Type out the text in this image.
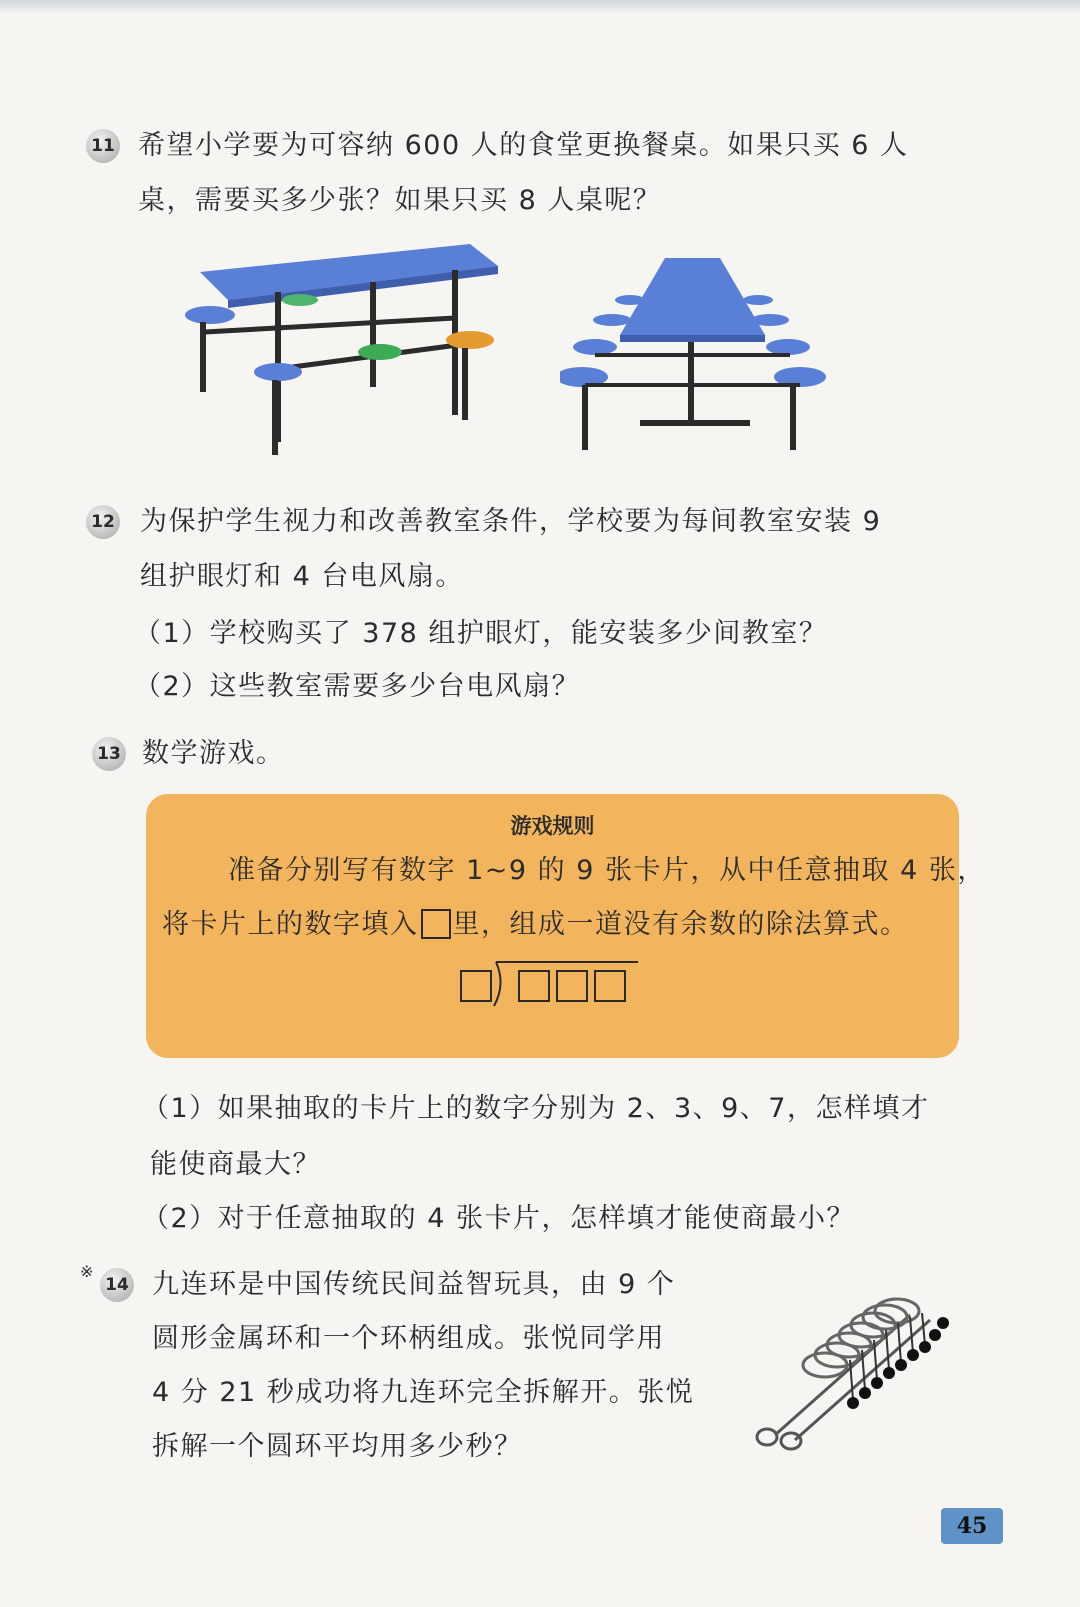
11 希望小学要为可容纳 600 人的食堂更换餐桌。如果只买 6 人
桌，需要买多少张？如果只买 8 人桌呢？
12 为保护学生视力和改善教室条件，学校要为每间教室安装 9
组护眼灯和 4 台电风扇。
（1）学校购买了 378 组护眼灯，能安装多少间教室？
（2）这些教室需要多少台电风扇？
13 数学游戏。
游戏规则
准备分别写有数字 1~9 的 9 张卡片，从中任意抽取 4 张，
将卡片上的数字填入 里，组成一道没有余数的除法算式。
（1）如果抽取的卡片上的数字分别为 2、3、9、7，怎样填才
能使商最大？
（2）对于任意抽取的 4 张卡片，怎样填才能使商最小？
※
14 九连环是中国传统民间益智玩具，由 9 个
圆形金属环和一个环柄组成。张悦同学用
4 分 21 秒成功将九连环完全拆解开。张悦
拆解一个圆环平均用多少秒？
45
